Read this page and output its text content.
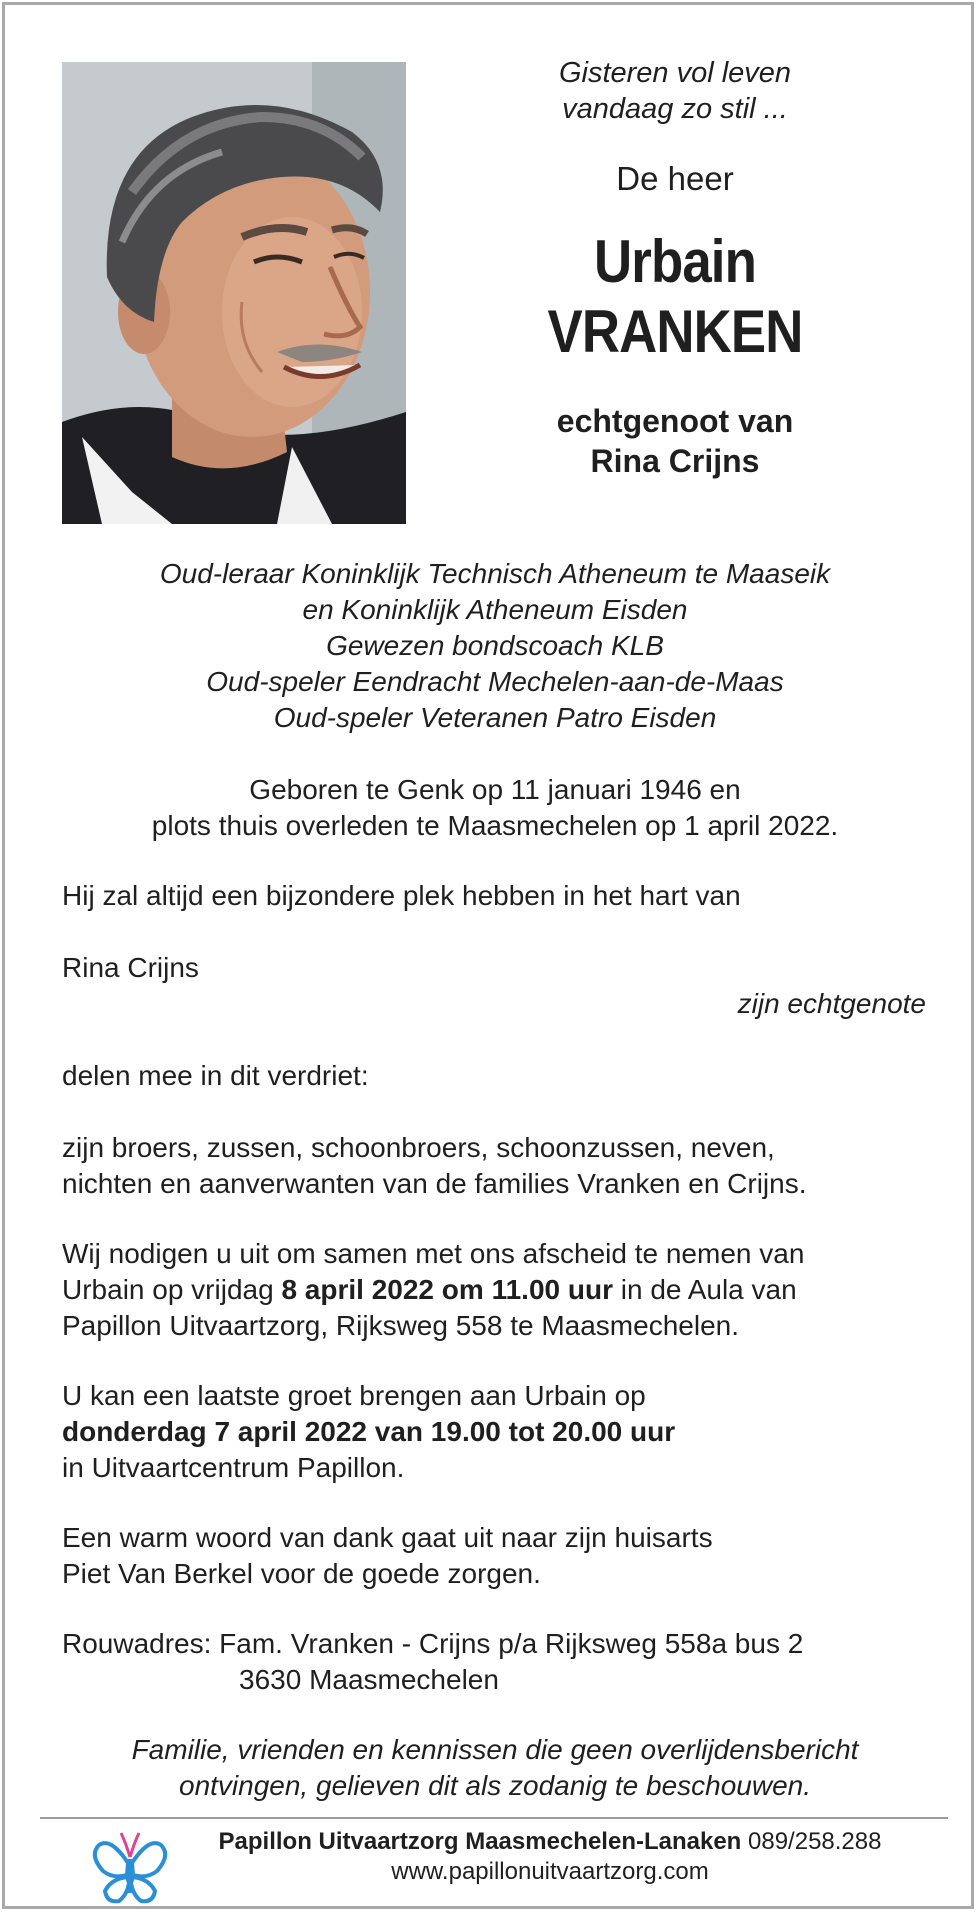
Gisteren vol leven

vandaag zo stil ...

De heer

Urbain VRANKEN

echtgenoot van

Rina Crijns

Oud-leraar Koninklijk Technisch Atheneum te Maaseik

en Koninklijk Atheneum Eisden

Gewezen bondscoach KLB

Oud-speler Eendracht Mechelen-aan-de-Maas

Oud-speler Veteranen Patro Eisden

Geboren te Genk op 11 januari 1946 en

plots thuis overleden te Maasmechelen op 1 april 2022.

Hij zal altijd een bijzondere plek hebben in het hart van

Rina Crijns

zijn echtgenote

delen mee in dit verdriet:

zijn broers, zussen, schoonbroers, schoonzussen, neven,

nichten en aanverwanten van de families Vranken en Crijns.

Wij nodigen u uit om samen met ons afscheid te nemen van

Urbain op vrijdag 8 april 2022 om 11.00 uur in de Aula van

Papillon Uitvaartzorg, Rijksweg 558 te Maasmechelen.

U kan een laatste groet brengen aan Urbain op

donderdag 7 april 2022 van 19.00 tot 20.00 uur

in Uitvaartcentrum Papillon.

Een warm woord van dank gaat uit naar zijn huisarts

Piet Van Berkel voor de goede zorgen.

Rouwadres: Fam. Vranken - Crijns p/a Rijksweg 558a bus 2

3630 Maasmechelen

Familie, vrienden en kennissen die geen overlijdensbericht

ontvingen, gelieven dit als zodanig te beschouwen.

Papillon Uitvaartzorg Maasmechelen-Lanaken 089/258.288
www.papillonuitvaartzorg.com
